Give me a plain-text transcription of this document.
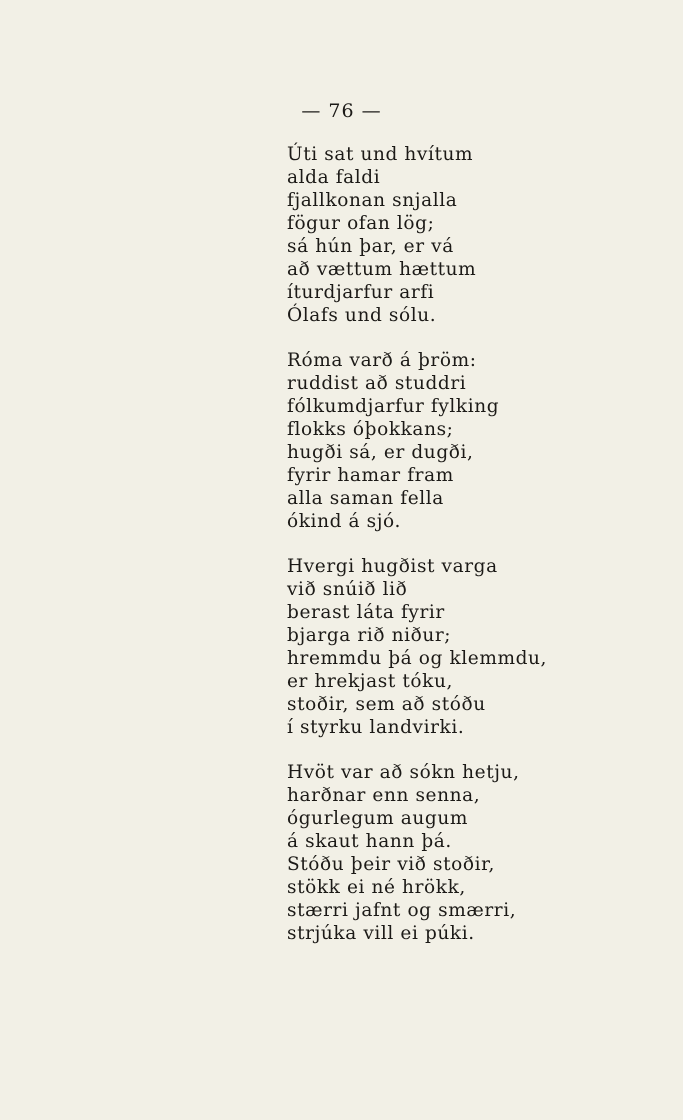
— 76 —
Úti sat und hvítum
alda faldi
fjallkonan snjalla
fögur ofan lög;
sá hún þar, er vá
að vættum hættum
íturdjarfur arfi
Ólafs und sólu.
Róma varð á þröm:
ruddist að studdri
fólkumdjarfur fylking
flokks óþokkans;
hugði sá, er dugði,
fyrir hamar fram
alla saman fella
ókind á sjó.
Hvergi hugðist varga
við snúið lið
berast láta fyrir
bjarga rið niður;
hremmdu þá og klemmdu,
er hrekjast tóku,
stoðir, sem að stóðu
í styrku landvirki.
Hvöt var að sókn hetju,
harðnar enn senna,
ógurlegum augum
á skaut hann þá.
Stóðu þeir við stoðir,
stökk ei né hrökk,
stærri jafnt og smærri,
strjúka vill ei púki.
